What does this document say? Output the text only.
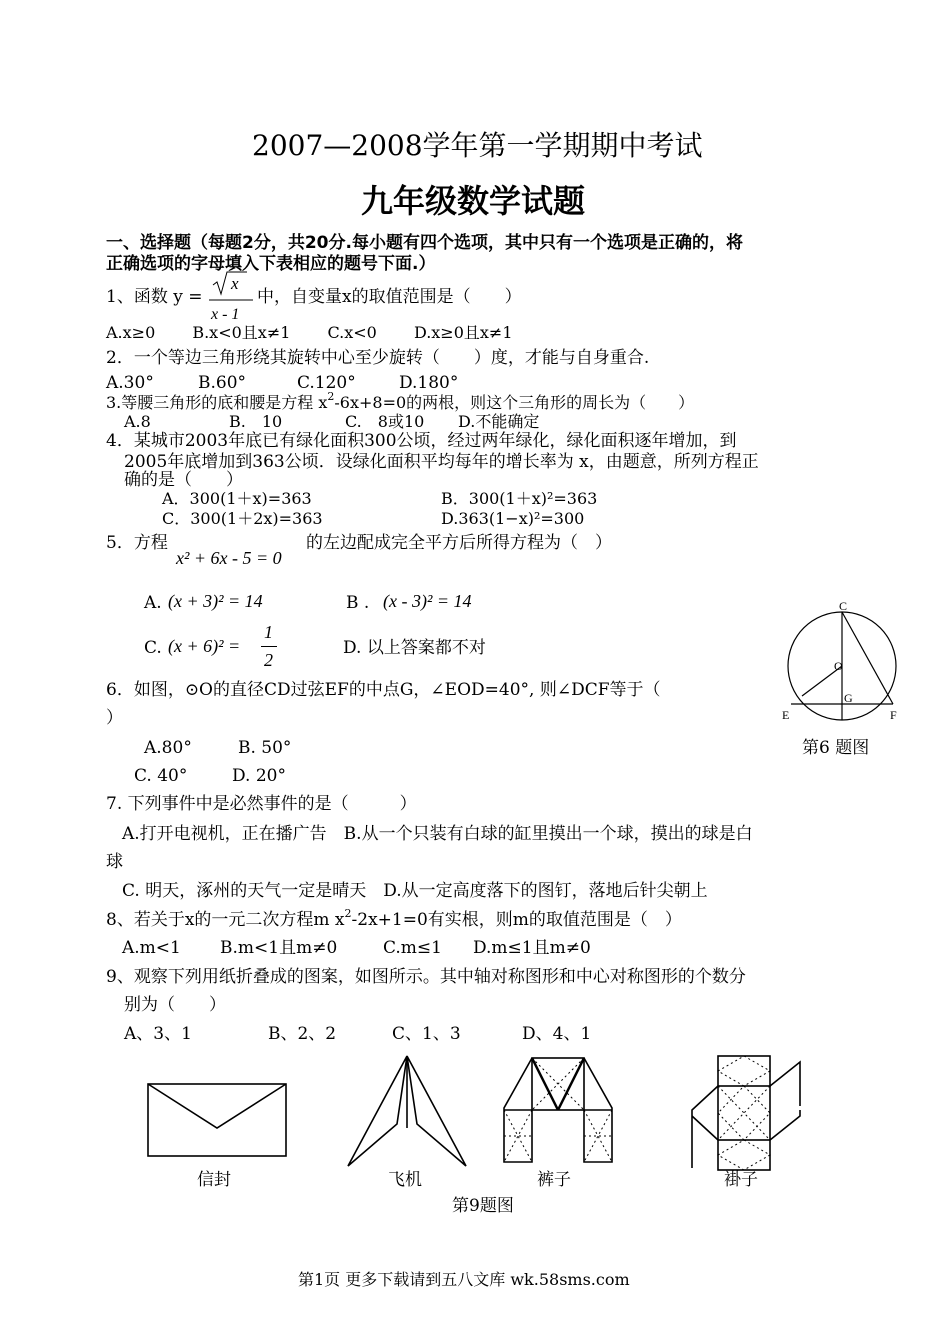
2007—2008学年第一学期期中考试
九年级数学试题
一、选择题（每题2分，共20分.每小题有四个选项，其中只有一个选项是正确的，将
正确选项的字母填入下表相应的题号下面.）
1、函数 y =
x
x - 1
中，自变量x的取值范围是（　　）
A.x≥0　　 B.x<0且x≠1　　 C.x<0　　 D.x≥0且x≠1
2．一个等边三角形绕其旋转中心至少旋转（　　）度，才能与自身重合.
A.30°	B.60°	C.120°	D.180°
3.等腰三角形的底和腰是方程 $x^2-6x+8=0$的两根，则这个三角形的周长为（　　）
A.8	B.　10	C.　8或10 D.不能确定
4．某城市2003年底已有绿化面积300公顷，经过两年绿化，绿化面积逐年增加，到
2005年底增加到363公顷．设绿化面积平均每年的增长率为 x，由题意，所列方程正
确的是（　　）
A．300(1＋x)=363	B．300(1＋x)²=363
C．300(1＋2x)=363	D.363(1−x)²=300
5．方程
x² + 6x - 5 = 0
的左边配成完全平方后所得方程为（　）
A. (x + 3)² = 14	B . (x - 3)² = 14
C. (x + 6)² =
1
2
D. 以上答案都不对
C
O
G
E	F
第6 题图
6．如图，⊙O的直径CD过弦EF的中点G，∠EOD=40°, 则∠DCF等于（
）
A.80°	B. 50°
C. 40°	D. 20°
7. 下列事件中是必然事件的是（　　　）
A.打开电视机，正在播广告　B.从一个只装有白球的缸里摸出一个球，摸出的球是白
球
C. 明天，涿州的天气一定是晴天　D.从一定高度落下的图钉，落地后针尖朝上
8、若关于x的一元二次方程m $x^2-2x+1=0$有实根，则m的取值范围是（　）
A.m<1 B.m<1且m≠0	C.m≤1 D.m≤1且m≠0
9、观察下列用纸折叠成的图案，如图所示。其中轴对称图形和中心对称图形的个数分
别为（　　）
A、3、1	B、2、2	C、1、3	D、4、1
信封	飞机	裤子	褂子
第9题图
第1页 更多下载请到五八文库 wk.58sms.com
